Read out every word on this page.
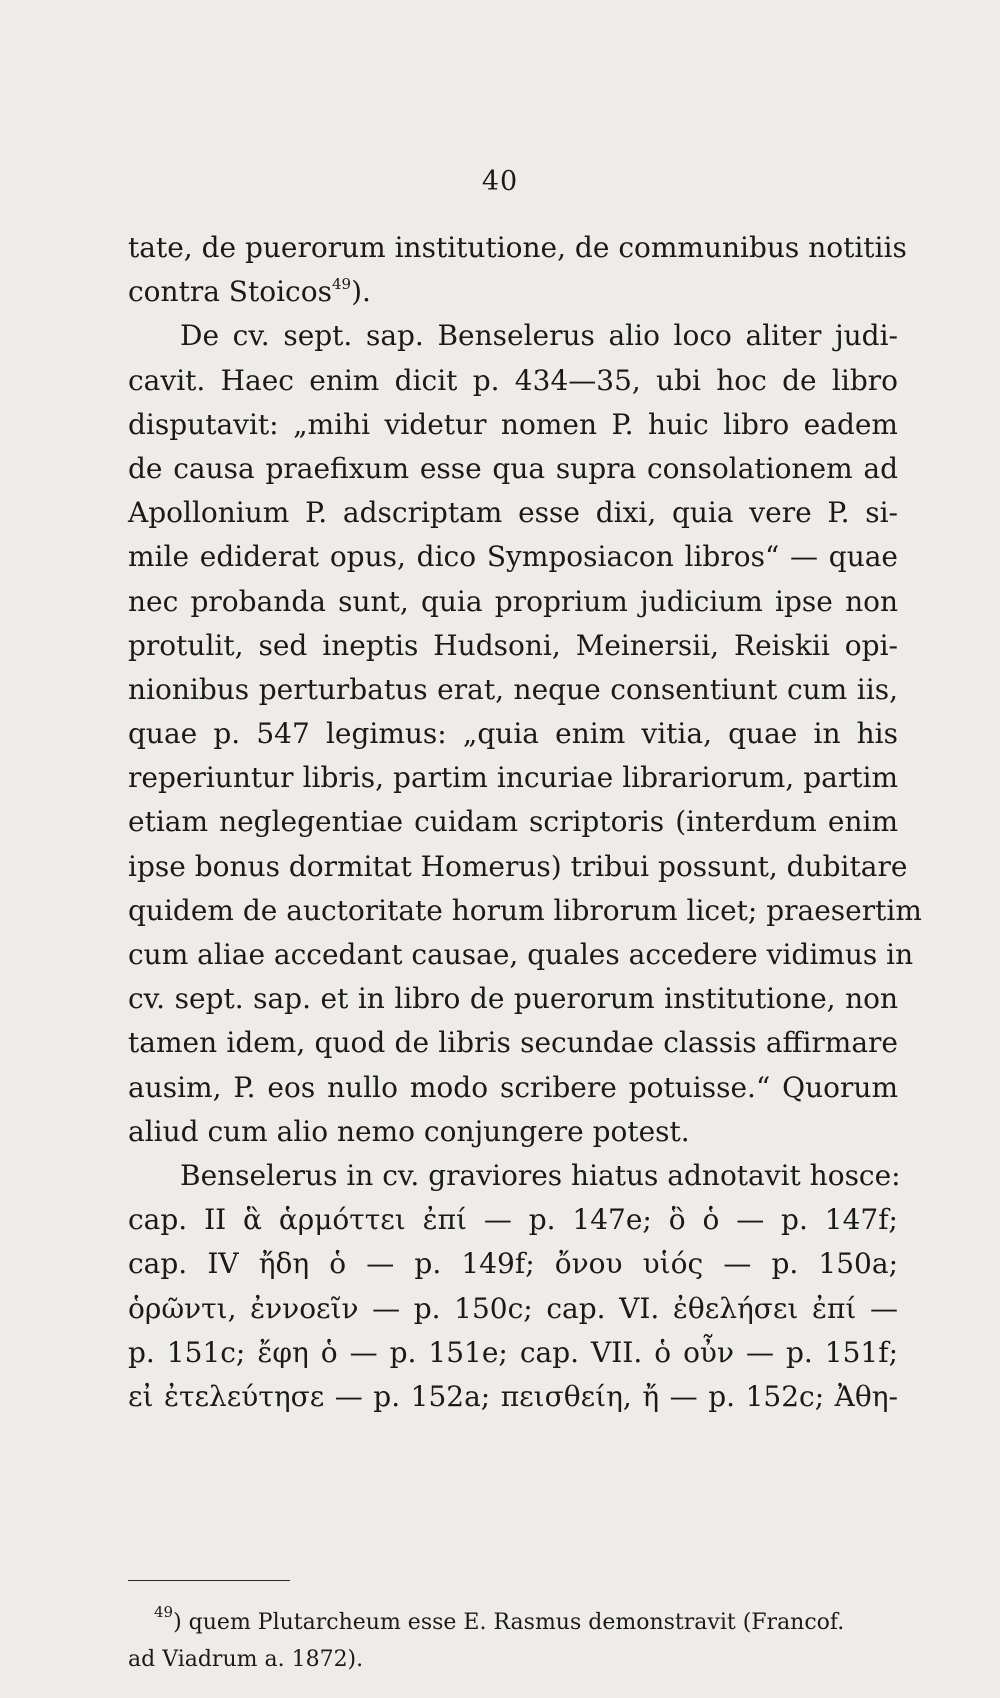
40
tate, de puerorum institutione, de communibus notitiis
contra Stoicos$^{49}$).
De cv. sept. sap. Benselerus alio loco aliter judi-
cavit. Haec enim dicit p. 434—35, ubi hoc de libro
disputavit: „mihi videtur nomen P. huic libro eadem
de causa praefixum esse qua supra consolationem ad
Apollonium P. adscriptam esse dixi, quia vere P. si-
mile ediderat opus, dico Symposiacon libros“ — quae
nec probanda sunt, quia proprium judicium ipse non
protulit, sed ineptis Hudsoni, Meinersii, Reiskii opi-
nionibus perturbatus erat, neque consentiunt cum iis,
quae p. 547 legimus: „quia enim vitia, quae in his
reperiuntur libris, partim incuriae librariorum, partim
etiam neglegentiae cuidam scriptoris (interdum enim
ipse bonus dormitat Homerus) tribui possunt, dubitare
quidem de auctoritate horum librorum licet; praesertim
cum aliae accedant causae, quales accedere vidimus in
cv. sept. sap. et in libro de puerorum institutione, non
tamen idem, quod de libris secundae classis affirmare
ausim, P. eos nullo modo scribere potuisse.“ Quorum
aliud cum alio nemo conjungere potest.
Benselerus in cv. graviores hiatus adnotavit hosce:
cap. II ἃ ἁρμόττει ἐπί — p. 147e; ὃ ὁ — p. 147f;
cap. IV ἤδη ὁ — p. 149f; ὄνου υἱός — p. 150a;
ὁρῶντι, ἐννοεῖν — p. 150c; cap. VI. ἐθελήσει ἐπί —
p. 151c; ἔφη ὁ — p. 151e; cap. VII. ὁ οὖν — p. 151f;
εἰ ἐτελεύτησε — p. 152a; πεισθείη, ἤ — p. 152c; Ἀθη-
$^{49}$) quem Plutarcheum esse E. Rasmus demonstravit (Francof.
ad Viadrum a. 1872).
